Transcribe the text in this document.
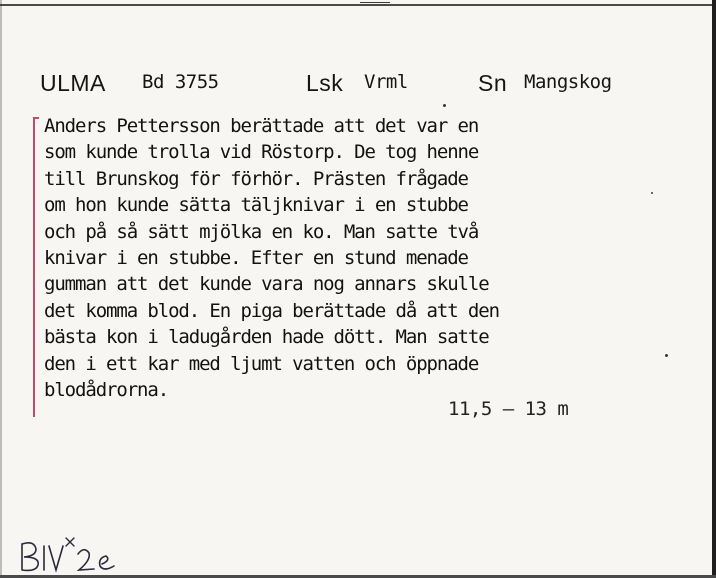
ULMA Bd 3755	Lsk Vrml	Sn Mangskog
Anders Pettersson berättade att det var en
som kunde trolla vid Röstorp. De tog henne
till Brunskog för förhör. Prästen frågade
om hon kunde sätta täljknivar i en stubbe
och på så sätt mjölka en ko. Man satte två
knivar i en stubbe. Efter en stund menade
gumman att det kunde vara nog annars skulle
det komma blod. En piga berättade då att den
bästa kon i ladugården hade dött. Man satte
den i ett kar med ljumt vatten och öppnade
blodådrorna.
11,5 — 13 m
